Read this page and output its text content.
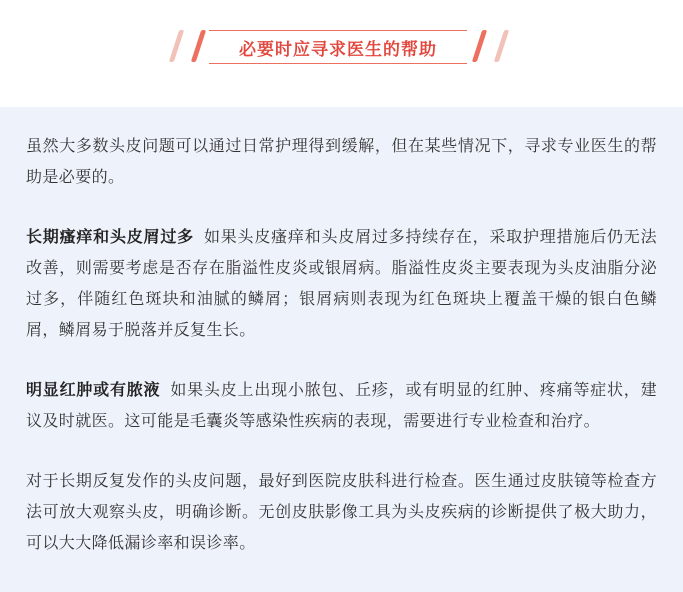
必要时应寻求医生的帮助

虽然大多数头皮问题可以通过日常护理得到缓解，但在某些情况下，寻求专业医生的帮助是必要的。

长期瘙痒和头皮屑过多 如果头皮瘙痒和头皮屑过多持续存在，采取护理措施后仍无法改善，则需要考虑是否存在脂溢性皮炎或银屑病。脂溢性皮炎主要表现为头皮油脂分泌过多，伴随红色斑块和油腻的鳞屑；银屑病则表现为红色斑块上覆盖干燥的银白色鳞屑，鳞屑易于脱落并反复生长。

明显红肿或有脓液 如果头皮上出现小脓包、丘疹，或有明显的红肿、疼痛等症状，建议及时就医。这可能是毛囊炎等感染性疾病的表现，需要进行专业检查和治疗。

对于长期反复发作的头皮问题，最好到医院皮肤科进行检查。医生通过皮肤镜等检查方法可放大观察头皮，明确诊断。无创皮肤影像工具为头皮疾病的诊断提供了极大助力，可以大大降低漏诊率和误诊率。
